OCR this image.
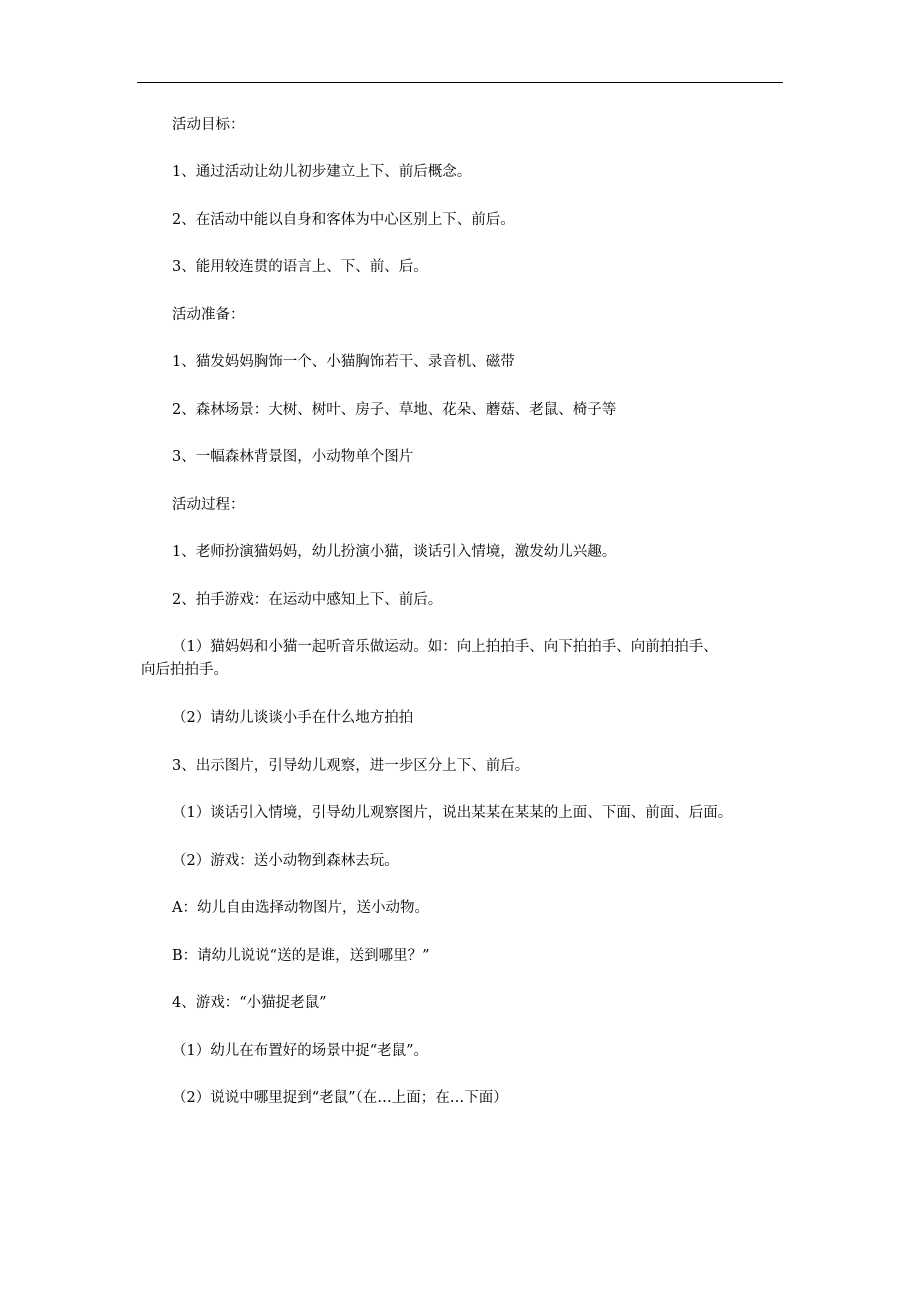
活动目标：
1、通过活动让幼儿初步建立上下、前后概念。
2、在活动中能以自身和客体为中心区别上下、前后。
3、能用较连贯的语言上、下、前、后。
活动准备：
1、猫发妈妈胸饰一个、小猫胸饰若干、录音机、磁带
2、森林场景：大树、树叶、房子、草地、花朵、蘑菇、老鼠、椅子等
3、一幅森林背景图，小动物单个图片
活动过程：
1、老师扮演猫妈妈，幼儿扮演小猫，谈话引入情境，激发幼儿兴趣。
2、拍手游戏：在运动中感知上下、前后。
（1）猫妈妈和小猫一起听音乐做运动。如：向上拍拍手、向下拍拍手、向前拍拍手、
向后拍拍手。
（2）请幼儿谈谈小手在什么地方拍拍
3、出示图片，引导幼儿观察，进一步区分上下、前后。
（1）谈话引入情境，引导幼儿观察图片，说出某某在某某的上面、下面、前面、后面。
（2）游戏：送小动物到森林去玩。
A：幼儿自由选择动物图片，送小动物。
B：请幼儿说说“送的是谁，送到哪里？”
4、游戏：“小猫捉老鼠”
（1）幼儿在布置好的场景中捉“老鼠”。
（2）说说中哪里捉到“老鼠”（在…上面；在…下面）
